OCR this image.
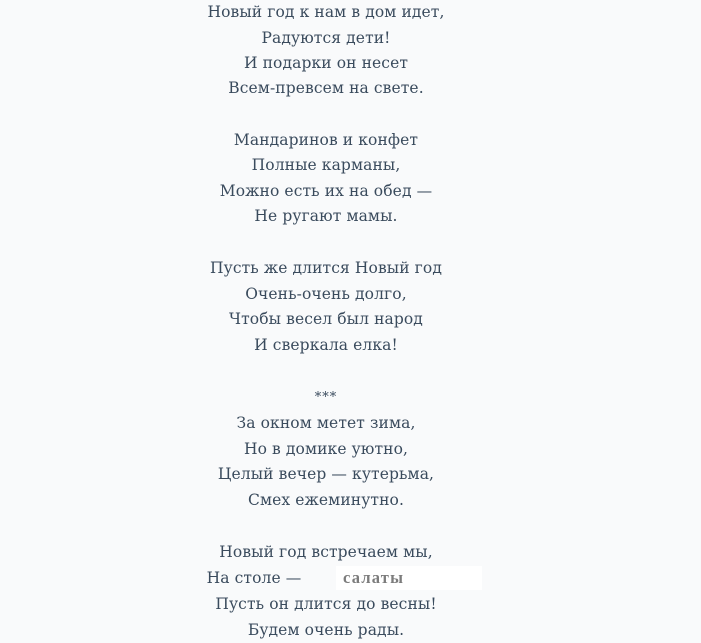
Новый год к нам в дом идет,
Радуются дети!
И подарки он несет
Всем-превсем на свете.
Мандаринов и конфет
Полные карманы,
Можно есть их на обед —
Не ругают мамы.
Пусть же длится Новый год
Очень-очень долго,
Чтобы весел был народ
И сверкала елка!
***
За окном метет зима,
Но в домике уютно,
Целый вечер — кутерьма,
Смех ежеминутно.
Новый год встречаем мы,
На столе —
Пусть он длится до весны!
Будем очень рады.
салаты
